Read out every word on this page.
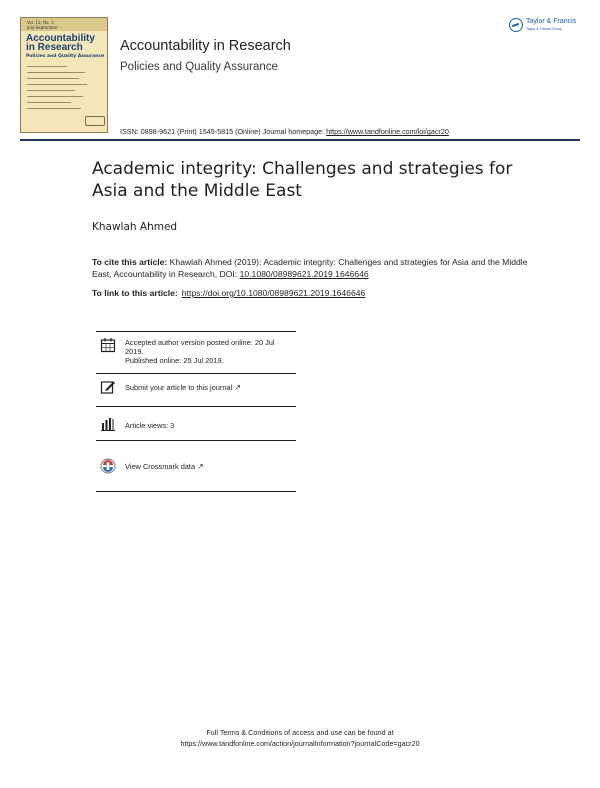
Vol. 12, No. 3
July-September
Accountability in Research
Policies and Quality Assurance
Accountability in Research
Policies and Quality Assurance
ISSN: 0898-9621 (Print) 1545-5815 (Online) Journal homepage: https://www.tandfonline.com/loi/gacr20
Taylor & Francis
Taylor & Francis Group
Academic integrity: Challenges and strategies for Asia and the Middle East
Khawlah Ahmed
To cite this article: Khawlah Ahmed (2019): Academic integrity: Challenges and strategies for Asia and the Middle East, Accountability in Research, DOI: 10.1080/08989621.2019.1646646
To link to this article: https://doi.org/10.1080/08989621.2019.1646646
Accepted author version posted online: 20 Jul 2019.
Published online: 25 Jul 2019.
Submit your article to this journal ↗
Article views: 3
View Crossmark data ↗
Full Terms & Conditions of access and use can be found at
https://www.tandfonline.com/action/journalInformation?journalCode=gacr20
